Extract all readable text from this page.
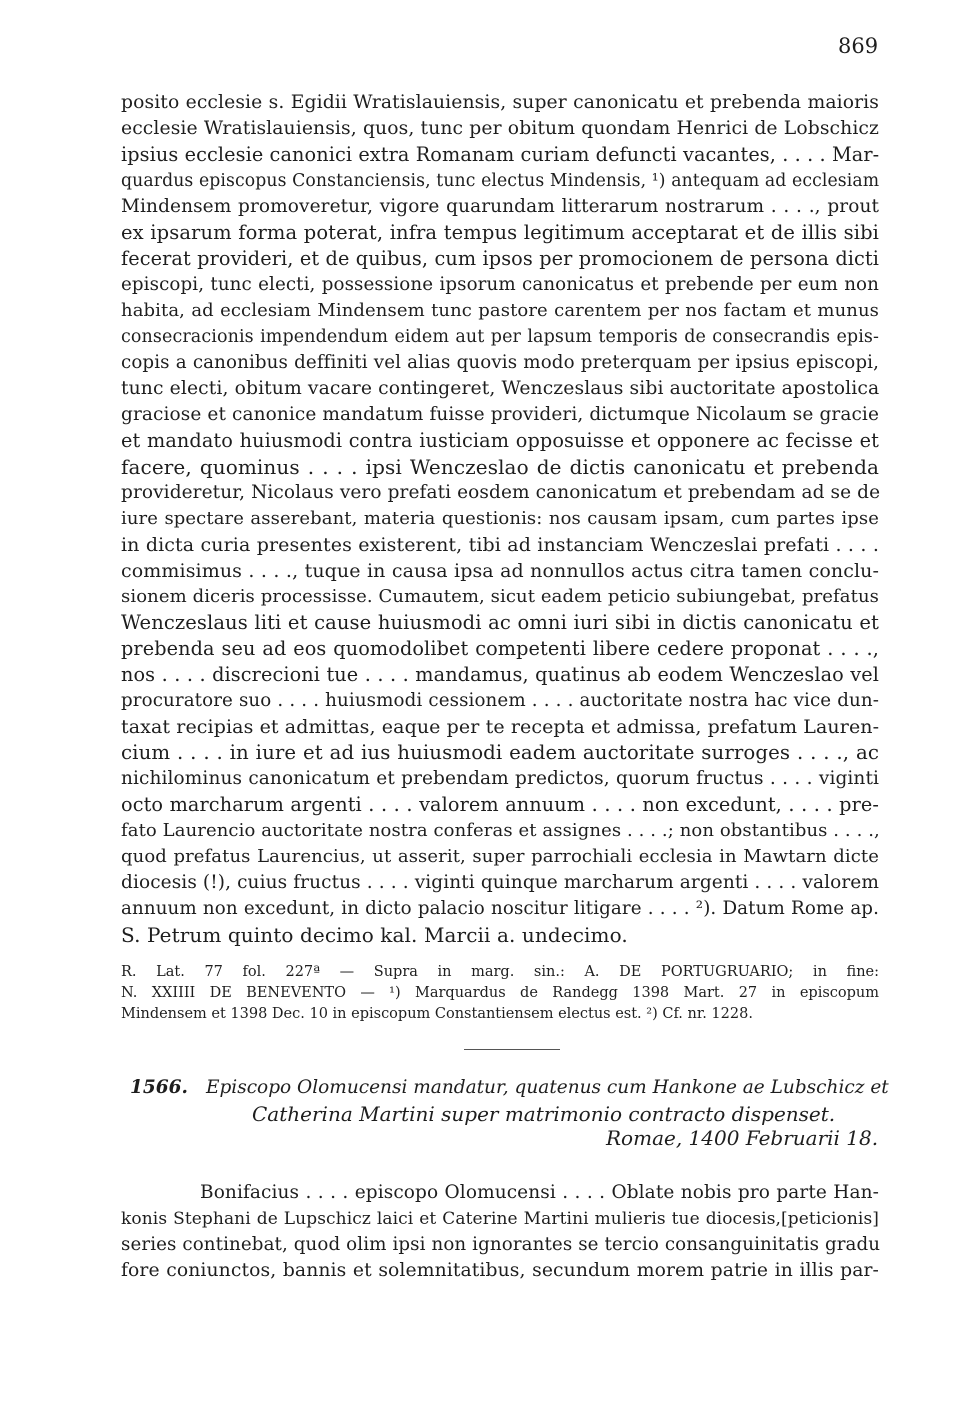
869
posito ecclesie s. Egidii Wratislauiensis, super canonicatu et prebenda maioris
ecclesie Wratislauiensis, quos, tunc per obitum quondam Henrici de Lobschicz
ipsius ecclesie canonici extra Romanam curiam defuncti vacantes, . . . . Mar-
quardus episcopus Constanciensis, tunc electus Mindensis, ¹) antequam ad ecclesiam
Mindensem promoveretur, vigore quarundam litterarum nostrarum . . . ., prout
ex ipsarum forma poterat, infra tempus legitimum acceptarat et de illis sibi
fecerat provideri, et de quibus, cum ipsos per promocionem de persona dicti
episcopi, tunc electi, possessione ipsorum canonicatus et prebende per eum non
habita, ad ecclesiam Mindensem tunc pastore carentem per nos factam et munus
consecracionis impendendum eidem aut per lapsum temporis de consecrandis epis-
copis a canonibus deffiniti vel alias quovis modo preterquam per ipsius episcopi,
tunc electi, obitum vacare contingeret, Wenczeslaus sibi auctoritate apostolica
graciose et canonice mandatum fuisse provideri, dictumque Nicolaum se gracie
et mandato huiusmodi contra iusticiam opposuisse et opponere ac fecisse et
facere, quominus . . . . ipsi Wenczeslao de dictis canonicatu et prebenda
provideretur, Nicolaus vero prefati eosdem canonicatum et prebendam ad se de
iure spectare asserebant, materia questionis: nos causam ipsam, cum partes ipse
in dicta curia presentes existerent, tibi ad instanciam Wenczeslai prefati . . . .
commisimus . . . ., tuque in causa ipsa ad nonnullos actus citra tamen conclu-
sionem diceris processisse. Cumautem, sicut eadem peticio subiungebat, prefatus
Wenczeslaus liti et cause huiusmodi ac omni iuri sibi in dictis canonicatu et
prebenda seu ad eos quomodolibet competenti libere cedere proponat . . . .,
nos . . . . discrecioni tue . . . . mandamus, quatinus ab eodem Wenczeslao vel
procuratore suo . . . . huiusmodi cessionem . . . . auctoritate nostra hac vice dun-
taxat recipias et admittas, eaque per te recepta et admissa, prefatum Lauren-
cium . . . . in iure et ad ius huiusmodi eadem auctoritate surroges . . . ., ac
nichilominus canonicatum et prebendam predictos, quorum fructus . . . . viginti
octo marcharum argenti . . . . valorem annuum . . . . non excedunt, . . . . pre-
fato Laurencio auctoritate nostra conferas et assignes . . . .; non obstantibus . . . .,
quod prefatus Laurencius, ut asserit, super parrochiali ecclesia in Mawtarn dicte
diocesis (!), cuius fructus . . . . viginti quinque marcharum argenti . . . . valorem
annuum non excedunt, in dicto palacio noscitur litigare . . . . ²). Datum Rome ap.
S. Petrum quinto decimo kal. Marcii a. undecimo.
R. Lat. 77 fol. 227ª — Supra in marg. sin.: A. DE PORTUGRUARIO; in fine:
N. XXIIII DE BENEVENTO — ¹) Marquardus de Randegg 1398 Mart. 27 in episcopum
Mindensem et 1398 Dec. 10 in episcopum Constantiensem electus est. ²) Cf. nr. 1228.
1566. Episcopo Olomucensi mandatur, quatenus cum Hankone ae Lubschicz et
Catherina Martini super matrimonio contracto dispenset.
Romae, 1400 Februarii 18.
Bonifacius . . . . episcopo Olomucensi . . . . Oblate nobis pro parte Han-
konis Stephani de Lupschicz laici et Caterine Martini mulieris tue diocesis,[peticionis]
series continebat, quod olim ipsi non ignorantes se tercio consanguinitatis gradu
fore coniunctos, bannis et solemnitatibus, secundum morem patrie in illis par-
